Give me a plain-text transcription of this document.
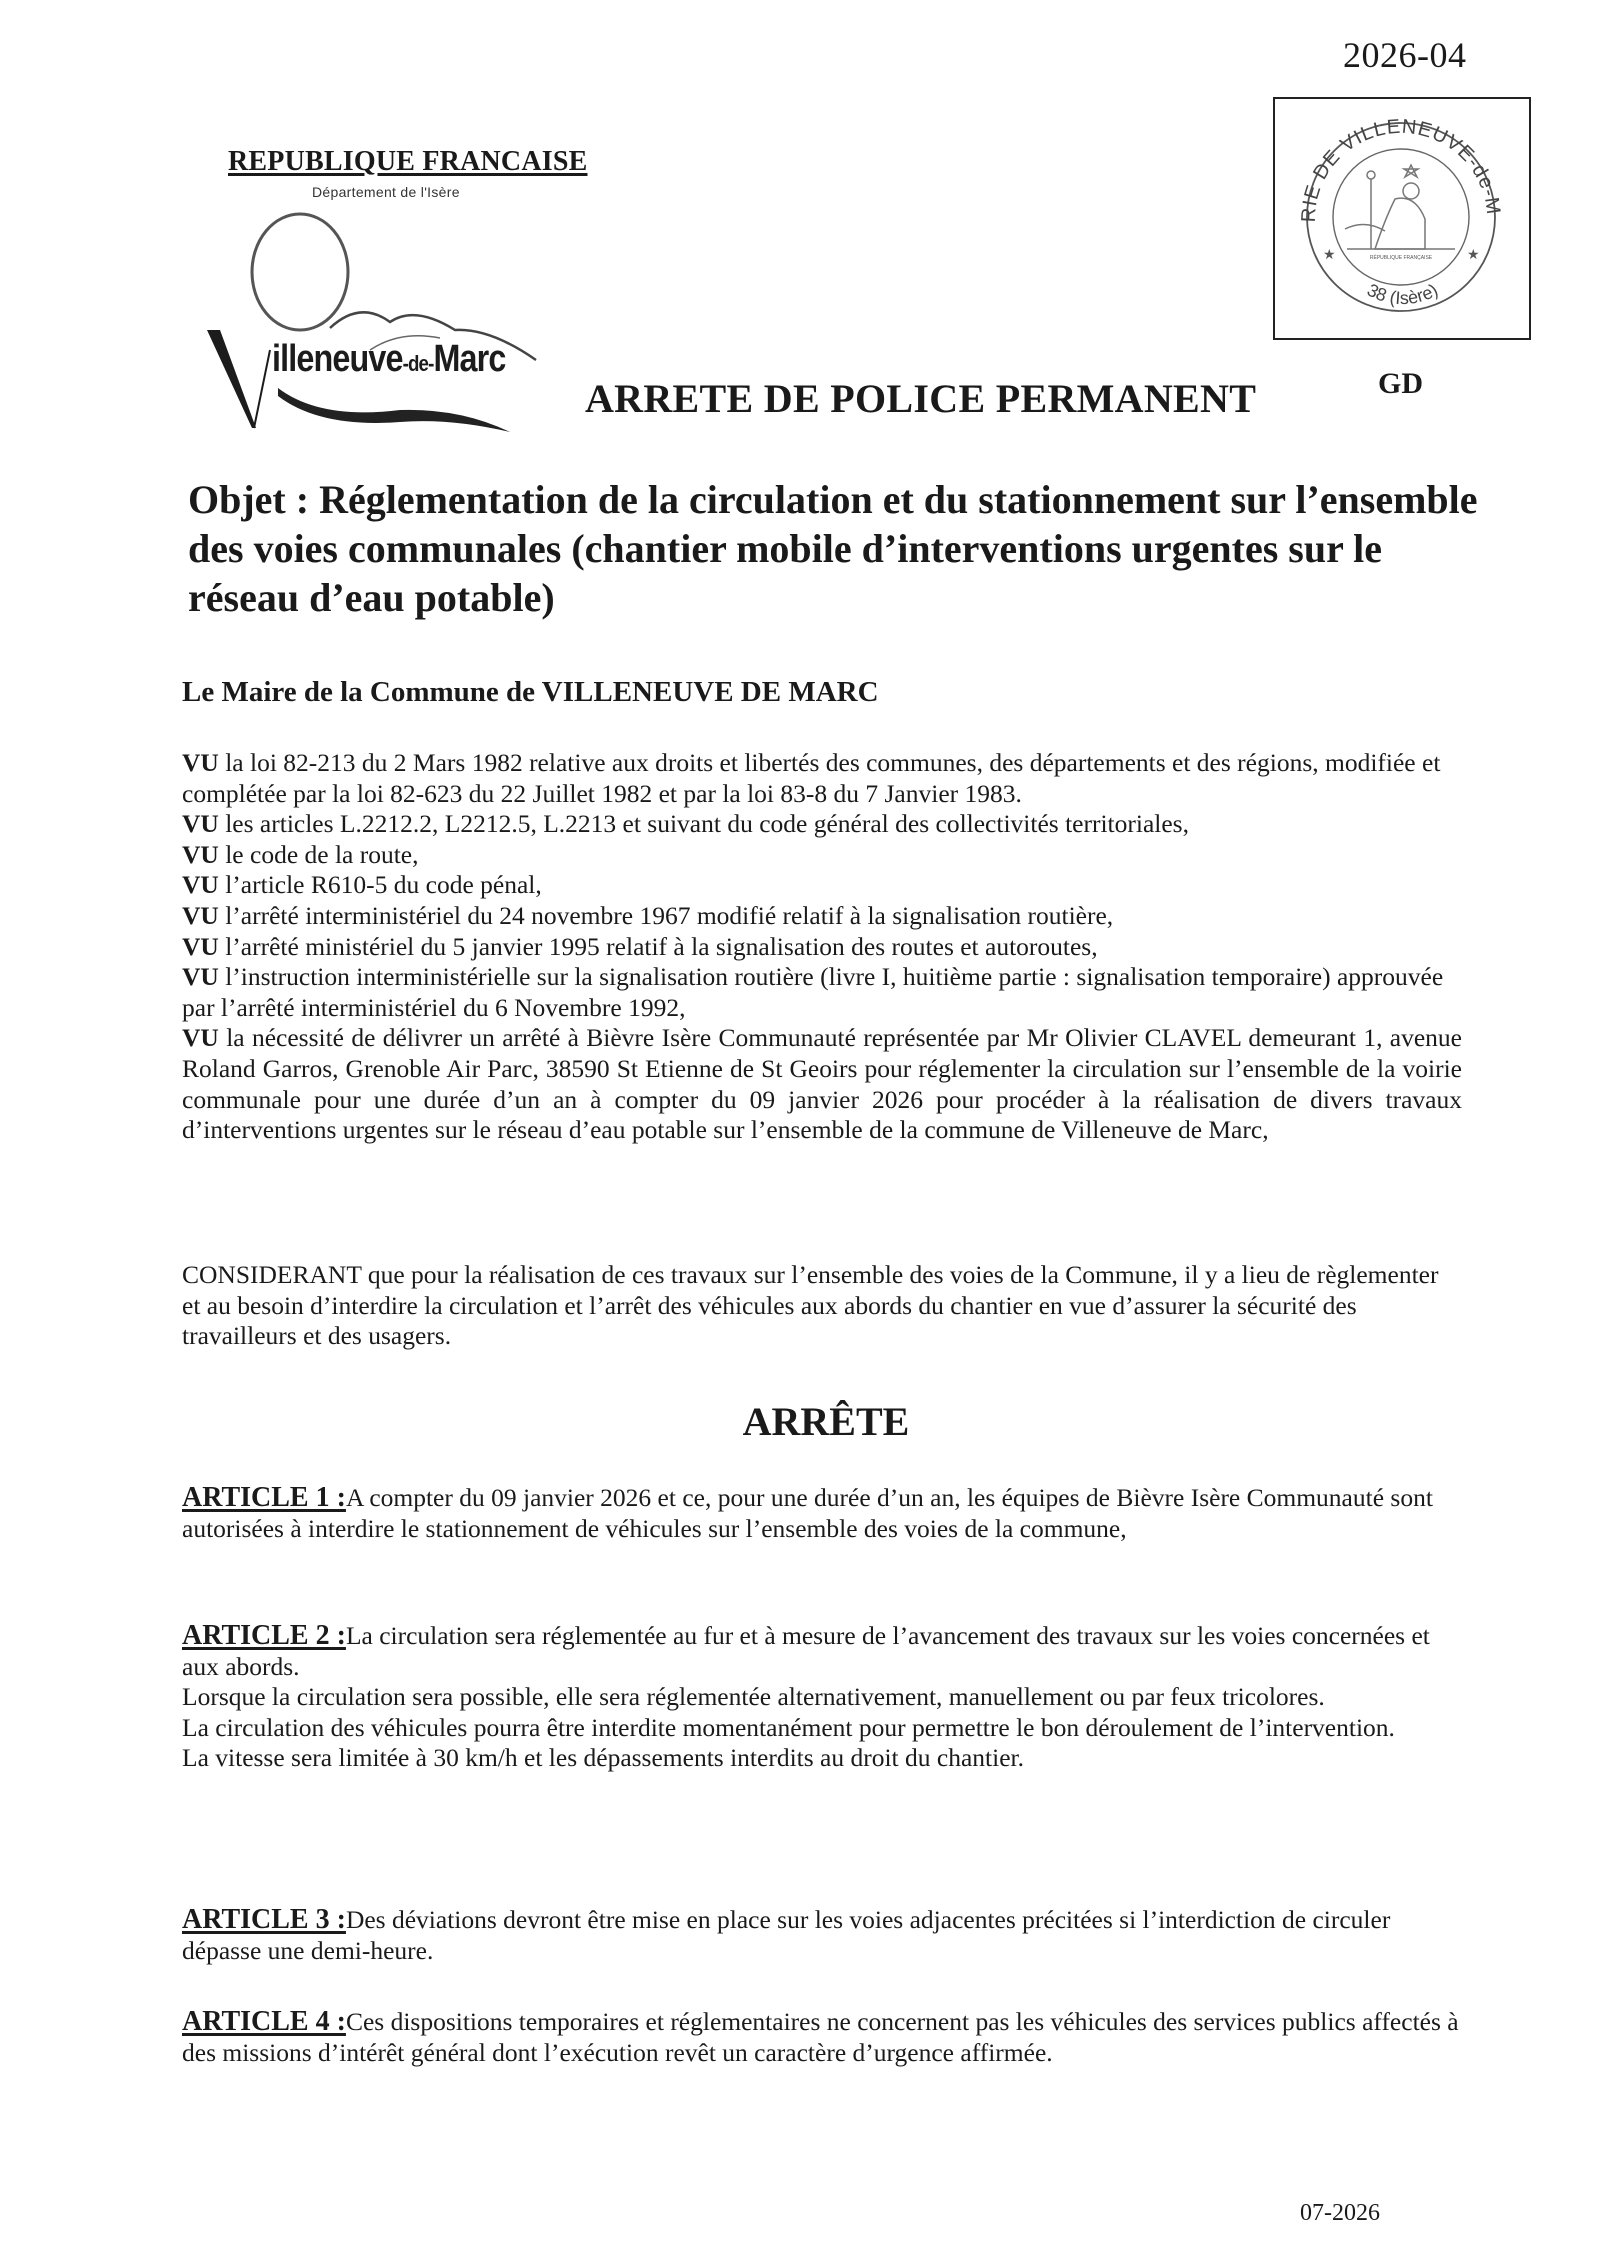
2026-04
REPUBLIQUE FRANCAISE
Département de l'Isère
illeneuve-de-Marc
RIE DE VILLENEUVE-de-M
38 (Isère)
★	★
RÉPUBLIQUE FRANÇAISE
ARRETE DE POLICE PERMANENT	GD
Objet : Réglementation de la circulation et du stationnement sur l’ensemble des voies communales (chantier mobile d’interventions urgentes sur le réseau d’eau potable)
Le Maire de la Commune de VILLENEUVE DE MARC
VU la loi 82-213 du 2 Mars 1982 relative aux droits et libertés des communes, des départements et des régions, modifiée et complétée par la loi 82-623 du 22 Juillet 1982 et par la loi 83-8 du 7 Janvier 1983.
VU les articles L.2212.2, L2212.5, L.2213 et suivant du code général des collectivités territoriales,
VU le code de la route,
VU l’article R610-5 du code pénal,
VU l’arrêté interministériel du 24 novembre 1967 modifié relatif à la signalisation routière,
VU l’arrêté ministériel du 5 janvier 1995 relatif à la signalisation des routes et autoroutes,
VU l’instruction interministérielle sur la signalisation routière (livre I, huitième partie : signalisation temporaire) approuvée par l’arrêté interministériel du 6 Novembre 1992,
VU la nécessité de délivrer un arrêté à Bièvre Isère Communauté représentée par Mr Olivier CLAVEL demeurant 1, avenue Roland Garros, Grenoble Air Parc, 38590 St Etienne de St Geoirs pour réglementer la circulation sur l’ensemble de la voirie communale pour une durée d’un an à compter du 09 janvier 2026 pour procéder à la réalisation de divers travaux d’interventions urgentes sur le réseau d’eau potable sur l’ensemble de la commune de Villeneuve de Marc,
CONSIDERANT que pour la réalisation de ces travaux sur l’ensemble des voies de la Commune, il y a lieu de règlementer et au besoin d’interdire la circulation et l’arrêt des véhicules aux abords du chantier en vue d’assurer la sécurité des travailleurs et des usagers.
ARRÊTE
ARTICLE 1 :A compter du 09 janvier 2026 et ce, pour une durée d’un an, les équipes de Bièvre Isère Communauté sont autorisées à interdire le stationnement de véhicules sur l’ensemble des voies de la commune,
ARTICLE 2 :La circulation sera réglementée au fur et à mesure de l’avancement des travaux sur les voies concernées et aux abords.
Lorsque la circulation sera possible, elle sera réglementée alternativement, manuellement ou par feux tricolores.
La circulation des véhicules pourra être interdite momentanément pour permettre le bon déroulement de l’intervention.
La vitesse sera limitée à 30 km/h et les dépassements interdits au droit du chantier.
ARTICLE 3 :Des déviations devront être mise en place sur les voies adjacentes précitées si l’interdiction de circuler dépasse une demi-heure.
ARTICLE 4 :Ces dispositions temporaires et réglementaires ne concernent pas les véhicules des services publics affectés à des missions d’intérêt général dont l’exécution revêt un caractère d’urgence affirmée.
07-2026
